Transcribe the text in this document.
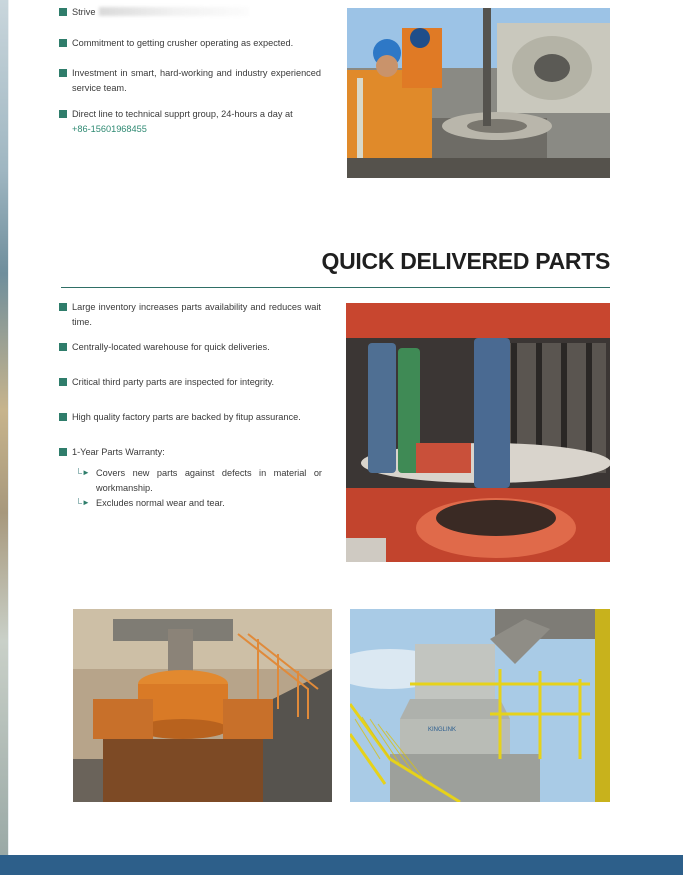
Strive
Commitment to getting crusher operating as expected.
Investment in smart, hard-working and industry experienced service team.
Direct line to technical supprt group, 24-hours a day at
+86-15601968455
QUICK DELIVERED PARTS
Large inventory increases parts availability and reduces wait time.
Centrally-located warehouse for quick deliveries.
Critical third party parts are inspected for integrity.
High quality factory parts are backed by fitup assurance.
1-Year Parts Warranty:
► Covers new parts against defects in material or workmanship.
► Excludes normal wear and tear.
KINGLINK
